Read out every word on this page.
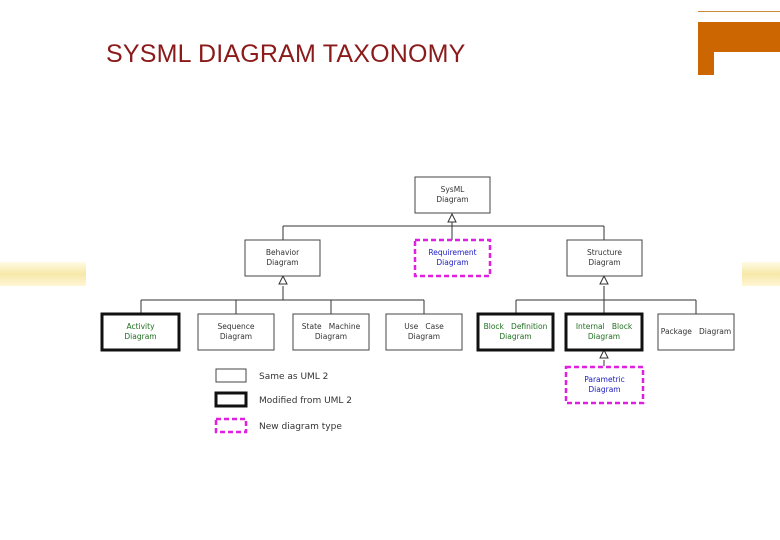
SYSML DIAGRAM TAXONOMY
SysML
Diagram
Behavior
Diagram
Requirement
Diagram
Structure
Diagram
Activity
Diagram
Sequence
Diagram
State   Machine
Diagram
Use   Case
Diagram
Block   Definition
Diagram
Internal   Block
Diagram
Package   Diagram
Parametric
Diagram
Same as UML 2
Modified from UML 2
New diagram type
